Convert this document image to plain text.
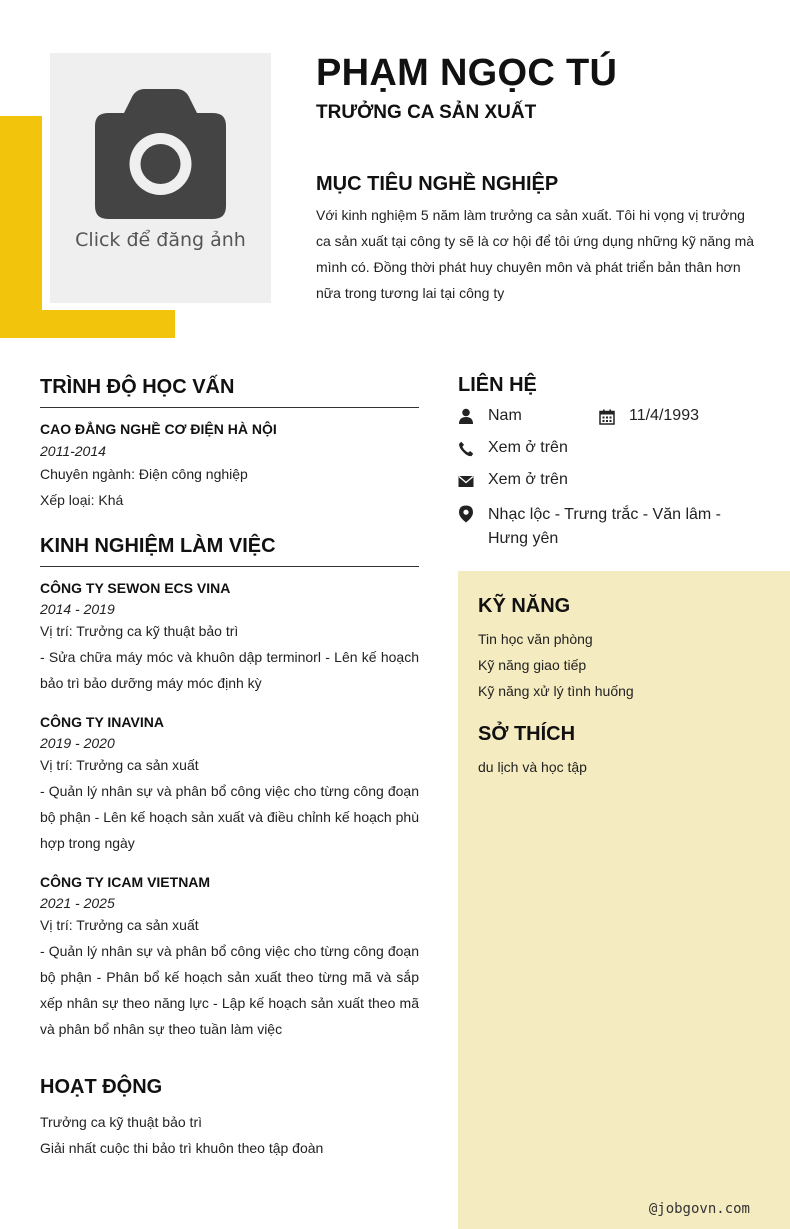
Click để đăng ảnh
PHẠM NGỌC TÚ
TRƯỞNG CA SẢN XUẤT
MỤC TIÊU NGHỀ NGHIỆP
Với kinh nghiệm 5 năm làm trưởng ca sản xuất. Tôi hi vọng vị trưởng ca sản xuất tại công ty sẽ là cơ hội để tôi ứng dụng những kỹ năng mà mình có. Đồng thời phát huy chuyên môn và phát triển bản thân hơn nữa trong tương lai tại công ty
TRÌNH ĐỘ HỌC VẤN
CAO ĐẲNG NGHỀ CƠ ĐIỆN HÀ NỘI
2011-2014
Chuyên ngành: Điện công nghiệp
Xếp loại: Khá
KINH NGHIỆM LÀM VIỆC
CÔNG TY SEWON ECS VINA
2014 - 2019
Vị trí: Trưởng ca kỹ thuật bảo trì
- Sửa chữa máy móc và khuôn dập terminorl - Lên kế hoạch bảo trì bảo dưỡng máy móc định kỳ
CÔNG TY INAVINA
2019 - 2020
Vị trí: Trưởng ca sản xuất
- Quản lý nhân sự và phân bổ công việc cho từng công đoạn bộ phận - Lên kế hoạch sản xuất và điều chỉnh kế hoạch phù hợp trong ngày
CÔNG TY ICAM VIETNAM
2021 - 2025
Vị trí: Trưởng ca sản xuất
- Quản lý nhân sự và phân bổ công việc cho từng công đoạn bộ phận - Phân bổ kế hoạch sản xuất theo từng mã và sắp xếp nhân sự theo năng lực - Lập kế hoạch sản xuất theo mã và phân bổ nhân sự theo tuần làm việc
HOẠT ĐỘNG
Trưởng ca kỹ thuật bảo trì
Giải nhất cuộc thi bảo trì khuôn theo tập đoàn
LIÊN HỆ
Nam	11/4/1993
Xem ở trên
Xem ở trên
Nhạc lộc - Trưng trắc - Văn lâm - Hưng yên
KỸ NĂNG
Tin học văn phòng
Kỹ năng giao tiếp
Kỹ năng xử lý tình huống
SỞ THÍCH
du lịch và học tập
@jobgovn.com
